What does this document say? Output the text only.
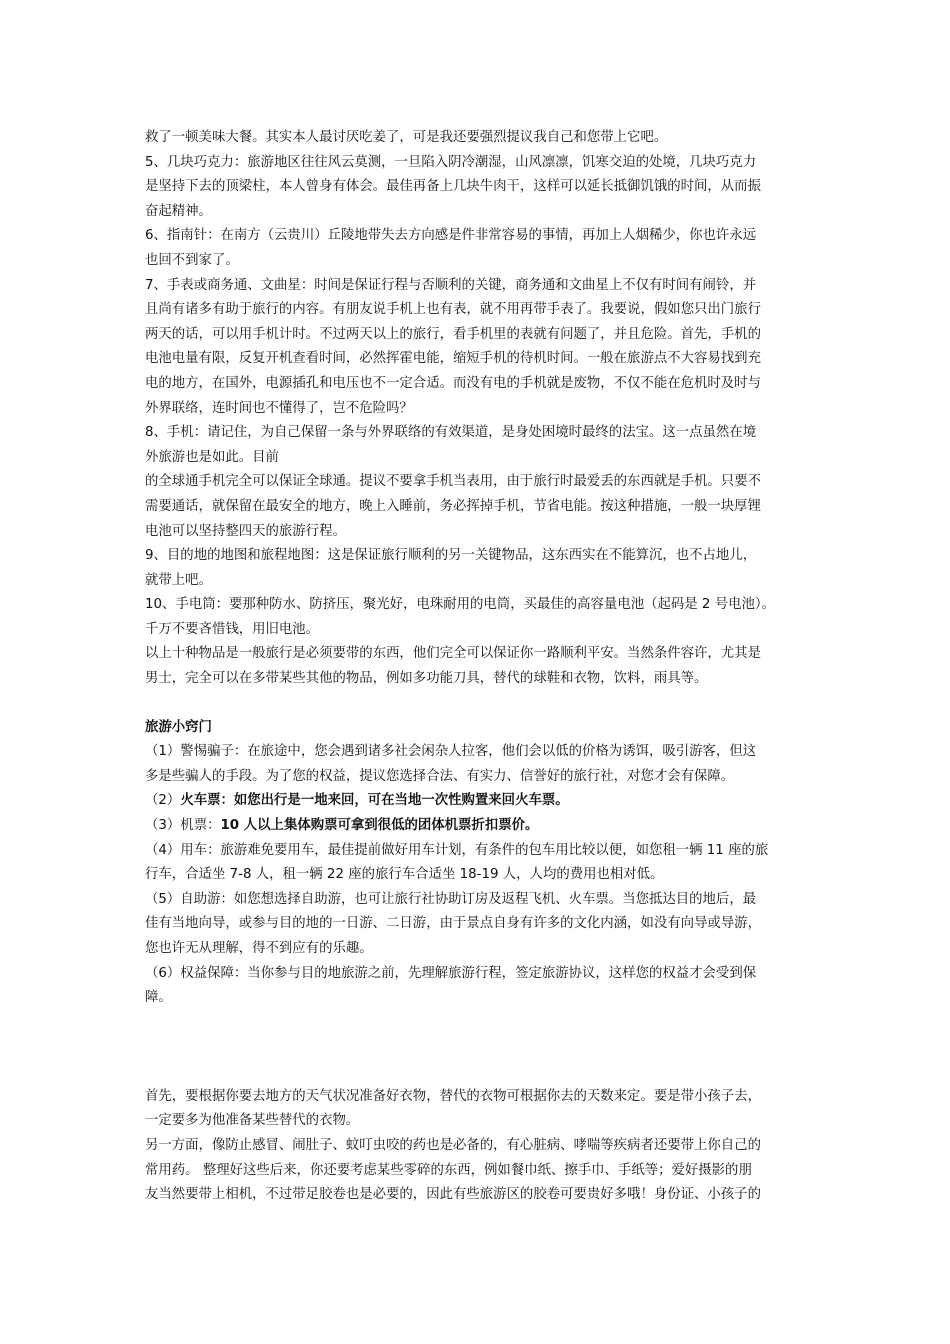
救了一顿美味大餐。其实本人最讨厌吃姜了，可是我还要强烈提议我自己和您带上它吧。

5、几块巧克力：旅游地区往往风云莫测，一旦陷入阴冷潮湿，山风凛凛，饥寒交迫的处境，几块巧克力

是坚持下去的顶梁柱，本人曾身有体会。最佳再备上几块牛肉干，这样可以延长抵御饥饿的时间，从而振

奋起精神。

6、指南针：在南方（云贵川）丘陵地带失去方向感是件非常容易的事情，再加上人烟稀少，你也许永远

也回不到家了。

7、手表或商务通、文曲星：时间是保证行程与否顺利的关键，商务通和文曲星上不仅有时间有闹铃，并

且尚有诸多有助于旅行的内容。有朋友说手机上也有表，就不用再带手表了。我要说，假如您只出门旅行

两天的话，可以用手机计时。不过两天以上的旅行，看手机里的表就有问题了，并且危险。首先，手机的

电池电量有限，反复开机查看时间，必然挥霍电能，缩短手机的待机时间。一般在旅游点不大容易找到充

电的地方，在国外，电源插孔和电压也不一定合适。而没有电的手机就是废物，不仅不能在危机时及时与

外界联络，连时间也不懂得了，岂不危险吗？

8、手机：请记住，为自己保留一条与外界联络的有效渠道，是身处困境时最终的法宝。这一点虽然在境

外旅游也是如此。目前

的全球通手机完全可以保证全球通。提议不要拿手机当表用，由于旅行时最爱丢的东西就是手机。只要不

需要通话，就保留在最安全的地方，晚上入睡前，务必挥掉手机，节省电能。按这种措施，一般一块厚锂

电池可以坚持整四天的旅游行程。

9、目的地的地图和旅程地图：这是保证旅行顺利的另一关键物品，这东西实在不能算沉，也不占地儿，

就带上吧。

10、手电筒：要那种防水、防挤压，聚光好，电珠耐用的电筒，买最佳的高容量电池（起码是 2 号电池）。

千万不要吝惜钱，用旧电池。

以上十种物品是一般旅行是必须要带的东西，他们完全可以保证你一路顺利平安。当然条件容许，尤其是

男士，完全可以在多带某些其他的物品，例如多功能刀具，替代的球鞋和衣物，饮料，雨具等。

旅游小窍门

（1）警惕骗子：在旅途中，您会遇到诸多社会闲杂人拉客，他们会以低的价格为诱饵，吸引游客，但这

多是些骗人的手段。为了您的权益，提议您选择合法、有实力、信誉好的旅行社，对您才会有保障。

（2）火车票：如您出行是一地来回，可在当地一次性购置来回火车票。

（3）机票：10 人以上集体购票可拿到很低的团体机票折扣票价。

（4）用车：旅游难免要用车，最佳提前做好用车计划，有条件的包车用比较以便，如您租一辆 11 座的旅

行车，合适坐 7-8 人，租一辆 22 座的旅行车合适坐 18-19 人，人均的费用也相对低。

（5）自助游：如您想选择自助游，也可让旅行社协助订房及返程飞机、火车票。当您抵达目的地后，最

佳有当地向导，或参与目的地的一日游、二日游，由于景点自身有许多的文化内涵，如没有向导或导游，

您也许无从理解，得不到应有的乐趣。

（6）权益保障：当你参与目的地旅游之前，先理解旅游行程，签定旅游协议，这样您的权益才会受到保

障。

首先，要根据你要去地方的天气状况准备好衣物，替代的衣物可根据你去的天数来定。要是带小孩子去，

一定要多为他准备某些替代的衣物。

另一方面，像防止感冒、闹肚子、蚊叮虫咬的药也是必备的，有心脏病、哮喘等疾病者还要带上你自己的

常用药。 整理好这些后来，你还要考虑某些零碎的东西，例如餐巾纸、擦手巾、手纸等；爱好摄影的朋

友当然要带上相机，不过带足胶卷也是必要的，因此有些旅游区的胶卷可要贵好多哦！身份证、小孩子的
